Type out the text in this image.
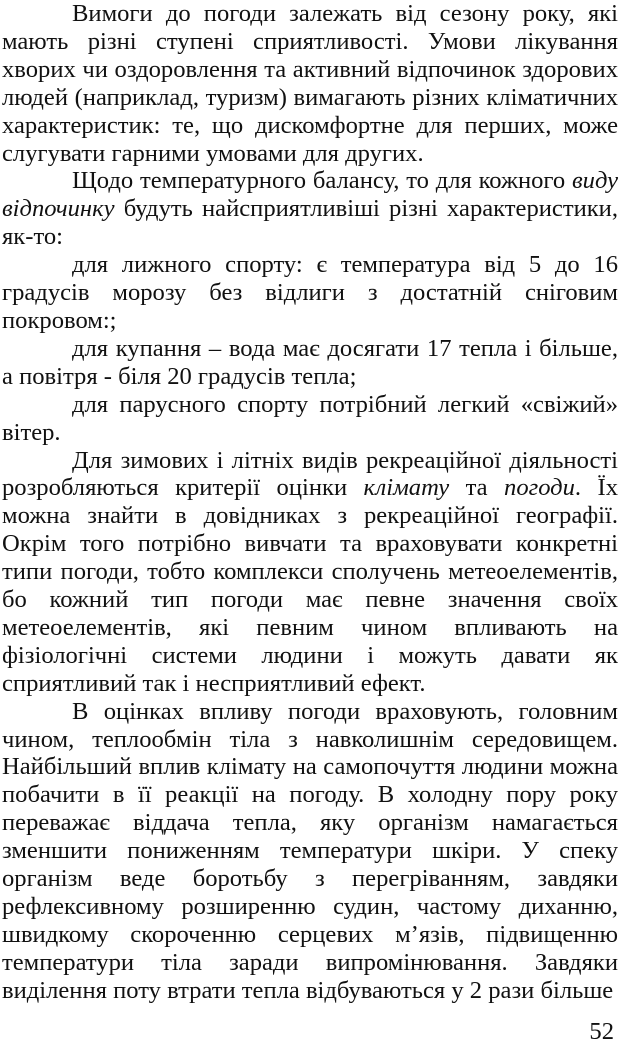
Вимоги до погоди залежать від сезону року, які мають різні ступені сприятливості. Умови лікування хворих чи оздоровлення та активний відпочинок здорових людей (наприклад, туризм) вимагають різних кліматичних характеристик: те, що дискомфортне для перших, може слугувати гарними умовами для других.

Щодо температурного балансу, то для кожного виду відпочинку будуть найсприятливіші різні характеристики, як-то:

для лижного спорту: є температура від 5 до 16 градусів морозу без відлиги з достатній сніговим покровом:;

для купання – вода має досягати 17 тепла і більше, а повітря - біля 20 градусів тепла;

для парусного спорту потрібний легкий «свіжий» вітер.

Для зимових і літніх видів рекреаційної діяльності розробляються критерії оцінки клімату та погоди. Їх можна знайти в довідниках з рекреаційної географії. Окрім того потрібно вивчати та враховувати конкретні типи погоди, тобто комплекси сполучень метеоелементів, бо кожний тип погоди має певне значення своїх метеоелементів, які певним чином впливають на фізіологічні системи людини і можуть давати як сприятливий так і несприятливий ефект.

В оцінках впливу погоди враховують, головним чином, теплообмін тіла з навколишнім середовищем. Найбільший вплив клімату на самопочуття людини можна побачити в її реакції на погоду. В холодну пору року переважає віддача тепла, яку організм намагається зменшити пониженням температури шкіри. У спеку організм веде боротьбу з перегріванням, завдяки рефлексивному розширенню судин, частому диханню, швидкому скороченню серцевих м’язів, підвищенню температури тіла заради випромінювання. Завдяки виділення поту втрати тепла відбуваються у 2 рази більше

52
